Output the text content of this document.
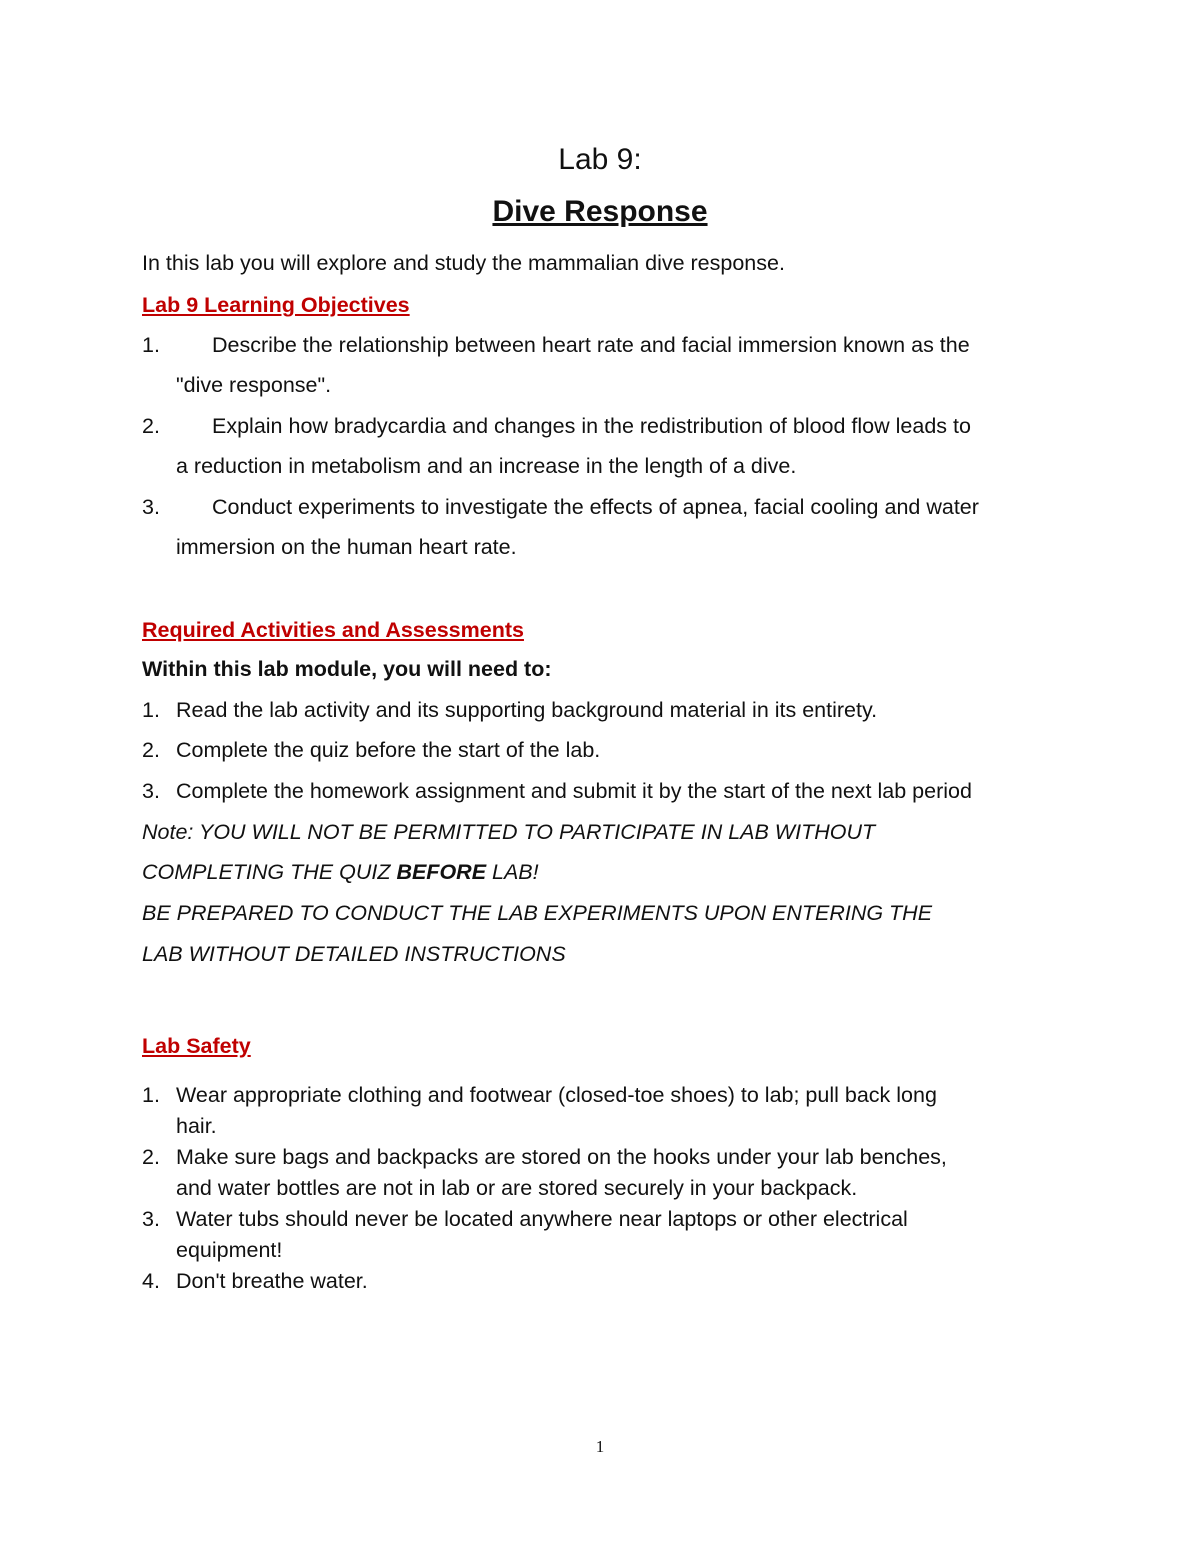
Lab 9:
Dive Response
In this lab you will explore and study the mammalian dive response.
Lab 9 Learning Objectives
1. Describe the relationship between heart rate and facial immersion known as the
"dive response".
2. Explain how bradycardia and changes in the redistribution of blood flow leads to
a reduction in metabolism and an increase in the length of a dive.
3. Conduct experiments to investigate the effects of apnea, facial cooling and water
immersion on the human heart rate.
Required Activities and Assessments
Within this lab module, you will need to:
1. Read the lab activity and its supporting background material in its entirety.
2. Complete the quiz before the start of the lab.
3. Complete the homework assignment and submit it by the start of the next lab period
Note: YOU WILL NOT BE PERMITTED TO PARTICIPATE IN LAB WITHOUT
COMPLETING THE QUIZ BEFORE LAB!
BE PREPARED TO CONDUCT THE LAB EXPERIMENTS UPON ENTERING THE
LAB WITHOUT DETAILED INSTRUCTIONS
Lab Safety
1. Wear appropriate clothing and footwear (closed-toe shoes) to lab; pull back long
hair.
2. Make sure bags and backpacks are stored on the hooks under your lab benches,
and water bottles are not in lab or are stored securely in your backpack.
3. Water tubs should never be located anywhere near laptops or other electrical
equipment!
4. Don't breathe water.
1
